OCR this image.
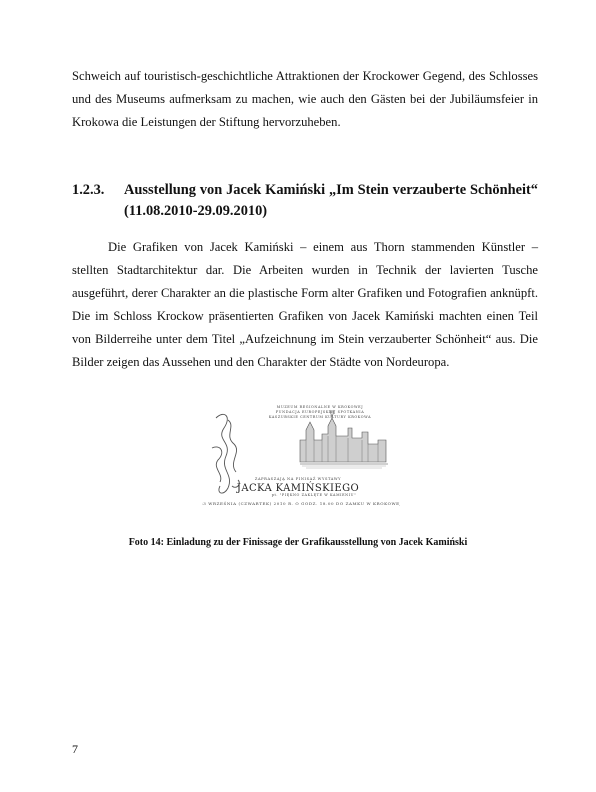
Schweich auf touristisch-geschichtliche Attraktionen der Krockower Gegend, des Schlosses und des Museums aufmerksam zu machen, wie auch den Gästen bei der Jubiläumsfeier in Krokowa die Leistungen der Stiftung hervorzuheben.

1.2.3. Ausstellung von Jacek Kamiński „Im Stein verzauberte Schönheit“ (11.08.2010-29.09.2010)

Die Grafiken von Jacek Kamiński – einem aus Thorn stammenden Künstler – stellten Stadtarchitektur dar. Die Arbeiten wurden in Technik der lavierten Tusche ausgeführt, derer Charakter an die plastische Form alter Grafiken und Fotografien anknüpft. Die im Schloss Krockow präsentierten Grafiken von Jacek Kamiński machten einen Teil von Bilderreihe unter dem Titel „Aufzeichnung im Stein verzauberter Schönheit“ aus. Die Bilder zeigen das Aussehen und den Charakter der Städte von Nordeuropa.

MUZEUM REGIONALNE W KROKOWEJ
FUNDACJA EUROPEJSKIEJ SPOTKANIA
KASZUBSKIE CENTRUM KULTURY KROKOWA
ZAPRASZAJĄ NA FINISAŻ WYSTAWY
JACKA KAMIŃSKIEGO
pt. "PIĘKNO ZAKLĘTE W KAMIENIU"
23 WRZEŚNIA (CZWARTEK) 2010 R. O GODZ. 18.00 DO ZAMKU W KROKOWEJ

Foto 14: Einladung zu der Finissage der Grafikausstellung von Jacek Kamiński

7
